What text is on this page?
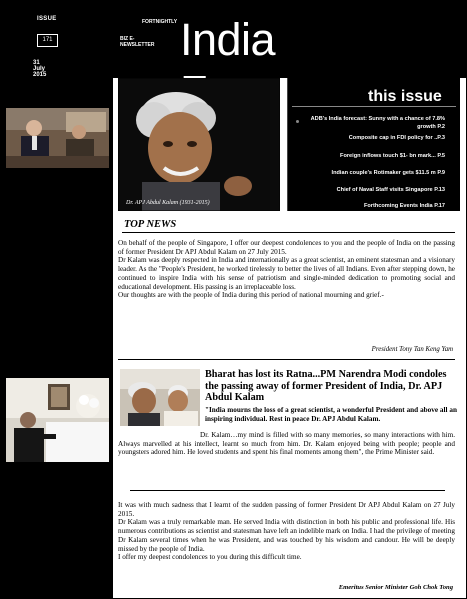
ISSUE
171
31 July 2015
FORTNIGHTLY
BIZ E- NEWSLETTER India
Saddened to learn of the pass-
ing of India's former Presi-
dent Dr Avul Pakir Jainulab-
deen Abdul Kalam.
Dr Kalam had humble begin-
nings, but rose to become a
top scientist at India's defence
research organization. He
then served as the country's
11th President from 2002-
2007, and was widely regarded
as the "People's President".
I was honoured to meet Dr.
Kalam when he visited Singa-
pore in 2006. Our thoughts
are with his family and the
people of India during this
time of sorrow.-
PM Lee Hsien Loong
Mr Masagos Zulkifli, Minister,
Prime Minister's Office and
Second Minister for Home
Affairs and Second Minister
for Foreign Affairs of Singa-
pore, signed the condolence
book for former President of
India Dr A P J Abdul Kalam
at the High Commission of
India in Singapore
Dr. APJ Abdul Kalam (1931-2015)
this issue
ADB's India forecast: Sunny with a chance of 7.8% growth P.2
Composite cap in FDI policy for ..P.3
Foreign inflows touch $1- bn mark... P.5
Indian couple's Rotimaker gets $11.5 m P.9
Chief of Naval Staff visits Singapore P.13
Forthcoming Events India P.17
TOP NEWS

On behalf of the people of Singapore, I offer our deepest condolences to you and the people of India on the passing of former President Dr APJ Abdul Kalam on 27 July 2015.

Dr Kalam was deeply respected in India and internationally as a great scientist, an eminent statesman and a visionary leader. As the "People's President, he worked tirelessly to better the lives of all Indians. Even after stepping down, he continued to inspire India with his sense of patriotism and single-minded dedication to promoting social and educational development. His passing is an irreplaceable loss.

Our thoughts are with the people of India during this period of national mourning and grief.-

President Tony Tan Keng Yam
Bharat has lost its Ratna...PM Narendra Modi condoles the passing away of former President of India, Dr. APJ Abdul Kalam

"India mourns the loss of a great scientist, a wonderful President and above all an inspiring individual. Rest in peace Dr. APJ Abdul Kalam.

Dr. Kalam…my mind is filled with so many memories, so many interactions with him. Always marvelled at his intellect, learnt so much from him. Dr. Kalam enjoyed being with people; people and youngsters adored him. He loved students and spent his final moments among them", the Prime Minister said.

It was with much sadness that I learnt of the sudden passing of former President Dr APJ Abdul Kalam on 27 July 2015.

Dr Kalam was a truly remarkable man. He served India with distinction in both his public and professional life. His numerous contributions as scientist and statesman have left an indelible mark on India. I had the privilege of meeting Dr Kalam several times when he was President, and was touched by his wisdom and candour. He will be deeply missed by the people of India.

I offer my deepest condolences to you during this difficult time.

Emeritus Senior Minister Goh Chok Tong
